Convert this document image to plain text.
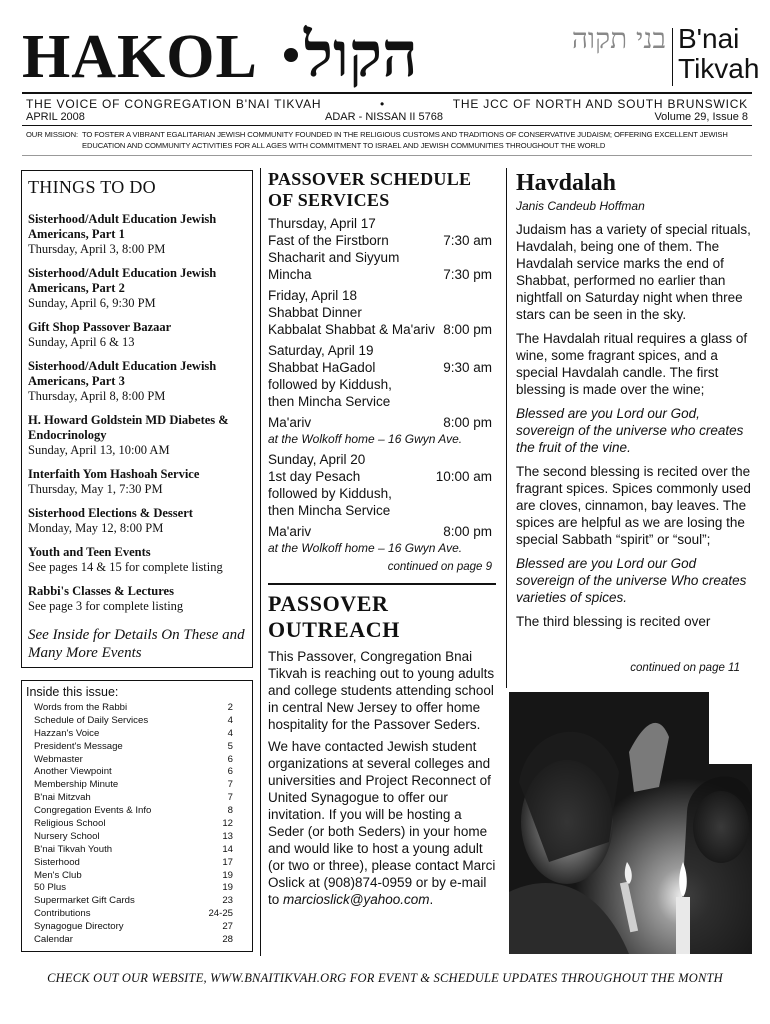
HAKOL הקול	בני תקוה B'nai
Tikvah
THE VOICE OF CONGREGATION B'NAI TIKVAH	•	THE JCC OF NORTH AND SOUTH BRUNSWICK
APRIL 2008	ADAR - NISSAN II 5768	Volume 29, Issue 8
OUR MISSION: TO FOSTER A VIBRANT EGALITARIAN JEWISH COMMUNITY FOUNDED IN THE RELIGIOUS CUSTOMS AND TRADITIONS OF CONSERVATIVE JUDAISM; OFFERING EXCELLENT JEWISH EDUCATION AND COMMUNITY ACTIVITIES FOR ALL AGES WITH COMMITMENT TO ISRAEL AND JEWISH COMMUNITIES THROUGHOUT THE WORLD
THINGS TO DO
Sisterhood/Adult Education Jewish Americans, Part 1
Thursday, April 3, 8:00 PM
Sisterhood/Adult Education Jewish Americans, Part 2
Sunday, April 6, 9:30 PM
Gift Shop Passover Bazaar
Sunday, April 6 & 13
Sisterhood/Adult Education Jewish Americans, Part 3
Thursday, April 8, 8:00 PM
H. Howard Goldstein MD Diabetes & Endocrinology
Sunday, April 13, 10:00 AM
Interfaith Yom Hashoah Service
Thursday, May 1, 7:30 PM
Sisterhood Elections & Dessert
Monday, May 12, 8:00 PM
Youth and Teen Events
See pages 14 & 15 for complete listing
Rabbi's Classes & Lectures
See page 3 for complete listing
See Inside for Details On These and Many More Events
Inside this issue:
Words from the Rabbi	2
Schedule of Daily Services	4
Hazzan's Voice	4
President's Message	5
Webmaster	6
Another Viewpoint	6
Membership Minute	7
B'nai Mitzvah	7
Congregation Events & Info	8
Religious School	12
Nursery School	13
B'nai Tikvah Youth	14
Sisterhood	17
Men's Club	19
50 Plus	19
Supermarket Gift Cards	23
Contributions	24-25
Synagogue Directory	27
Calendar	28
PASSOVER SCHEDULE OF SERVICES
Thursday, April 17
Fast of the Firstborn	7:30 am
Shacharit and Siyyum
Mincha	7:30 pm
Friday, April 18
Shabbat Dinner
Kabbalat Shabbat & Ma'ariv 8:00 pm
Saturday, April 19
Shabbat HaGadol	9:30 am
followed by Kiddush,
then Mincha Service
Ma'ariv	8:00 pm
at the Wolkoff home – 16 Gwyn Ave.
Sunday, April 20
1st day Pesach	10:00 am
followed by Kiddush,
then Mincha Service
Ma'ariv	8:00 pm
at the Wolkoff home – 16 Gwyn Ave.
continued on page 9
PASSOVER OUTREACH

This Passover, Congregation Bnai Tikvah is reaching out to young adults and college students attending school in central New Jersey to offer home hospitality for the Passover Seders.

We have contacted Jewish student organizations at several colleges and universities and Project Reconnect of United Synagogue to offer our invitation. If you will be hosting a Seder (or both Seders) in your home and would like to host a young adult (or two or three), please contact Marci Oslick at (908)874-0959 or by e-mail to marcioslick@yahoo.com.

Havdalah
Janis Candeub Hoffman

Judaism has a variety of special rituals, Havdalah, being one of them. The Havdalah service marks the end of Shabbat, performed no earlier than nightfall on Saturday night when three stars can be seen in the sky.

The Havdalah ritual requires a glass of wine, some fragrant spices, and a special Havdalah candle. The first blessing is made over the wine;

Blessed are you Lord our God, sovereign of the universe who creates the fruit of the vine.

The second blessing is recited over the fragrant spices. Spices commonly used are cloves, cinnamon, bay leaves. The spices are helpful as we are losing the special Sabbath “spirit” or “soul”;

Blessed are you Lord our God sovereign of the universe Who creates varieties of spices.

The third blessing is recited over

continued on page 11
CHECK OUT OUR WEBSITE, WWW.BNAITIKVAH.ORG FOR EVENT & SCHEDULE UPDATES THROUGHOUT THE MONTH
